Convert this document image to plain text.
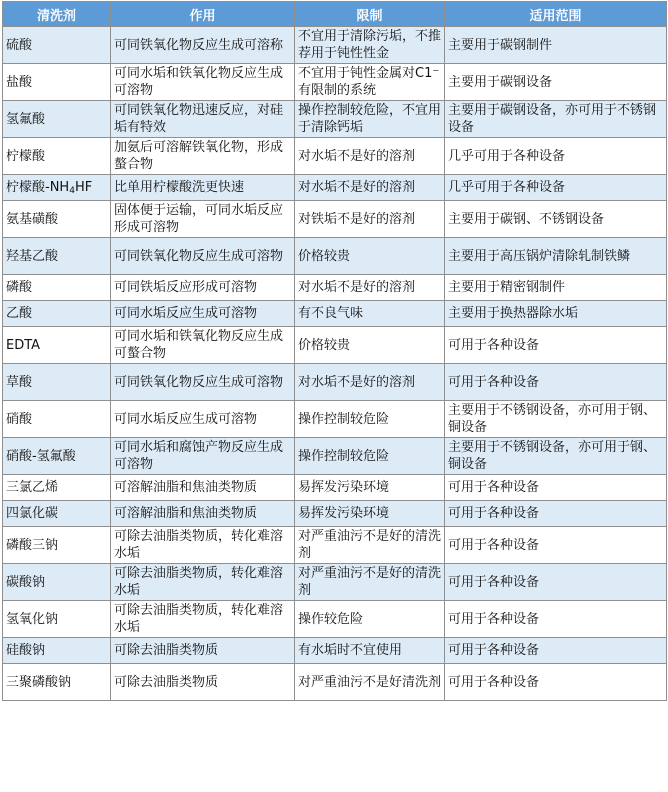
清洗剂	作用	限制	适用范围
硫酸	可同铁氧化物反应生成可溶称	不宜用于清除污垢，不推荐用于钝性性金	主要用于碳钢制件
盐酸	可同水垢和铁氧化物反应生成可溶物	不宜用于钝性金属对C1⁻有限制的系统	主要用于碳钢设备
氢氟酸	可同铁氧化物迅速反应，对硅垢有特效	操作控制较危险，不宜用于清除钙垢	主要用于碳钢设备，亦可用于不锈钢设备
柠檬酸	加氨后可溶解铁氧化物，形成螯合物	对水垢不是好的溶剂	几乎可用于各种设备
柠檬酸$-NH_4HF$	比单用柠檬酸洗更快速	对水垢不是好的溶剂	几乎可用于各种设备
氨基磺酸	固体便于运输，可同水垢反应形成可溶物	对铁垢不是好的溶剂	主要用于碳钢、不锈钢设备
羟基乙酸	可同铁氧化物反应生成可溶物	价格较贵	主要用于高压锅炉清除轧制铁鳞
磷酸	可同铁垢反应形成可溶物	对水垢不是好的溶剂	主要用于精密钢制件
乙酸	可同水垢反应生成可溶物	有不良气味	主要用于换热器除水垢
EDTA	可同水垢和铁氧化物反应生成可螯合物	价格较贵	可用于各种设备
草酸	可同铁氧化物反应生成可溶物	对水垢不是好的溶剂	可用于各种设备
硝酸	可同水垢反应生成可溶物	操作控制较危险	主要用于不锈钢设备，亦可用于钢、铜设备
硝酸-氢氟酸	可同水垢和腐蚀产物反应生成可溶物	操作控制较危险	主要用于不锈钢设备，亦可用于钢、铜设备
三氯乙烯	可溶解油脂和焦油类物质	易挥发污染环境	可用于各种设备
四氯化碳	可溶解油脂和焦油类物质	易挥发污染环境	可用于各种设备
磷酸三钠	可除去油脂类物质，转化难溶水垢	对严重油污不是好的清洗剂	可用于各种设备
碳酸钠	可除去油脂类物质，转化难溶水垢	对严重油污不是好的清洗剂	可用于各种设备
氢氧化钠	可除去油脂类物质，转化难溶水垢	操作较危险	可用于各种设备
硅酸钠	可除去油脂类物质	有水垢时不宜使用	可用于各种设备
三聚磷酸钠	可除去油脂类物质	对严重油污不是好清洗剂	可用于各种设备
